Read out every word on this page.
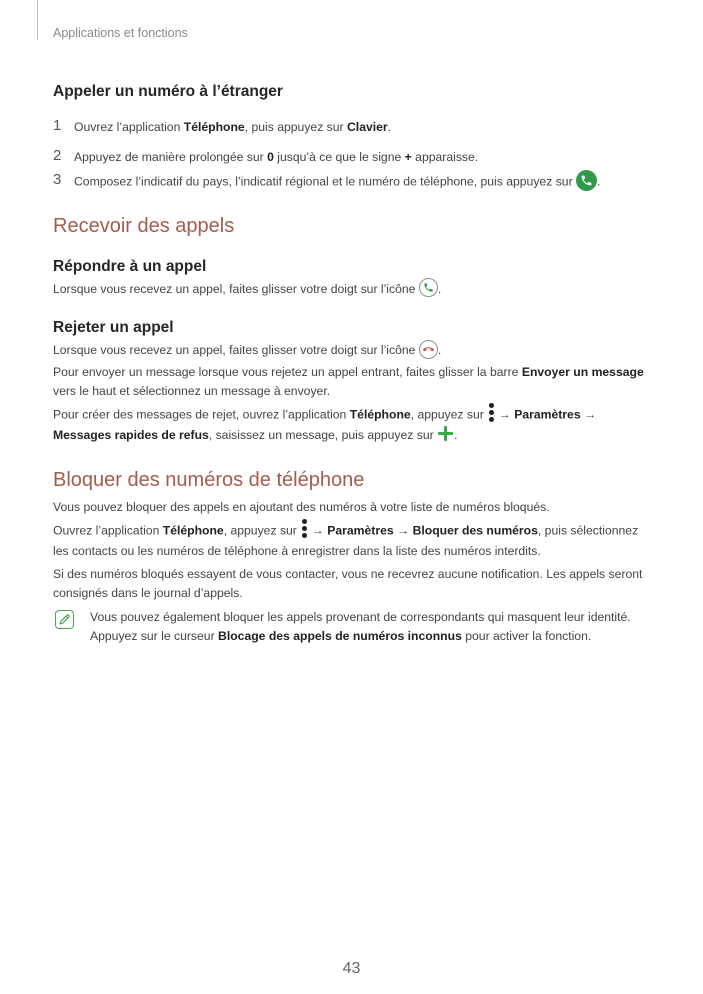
Applications et fonctions
Appeler un numéro à l’étranger
1 Ouvrez l’application Téléphone, puis appuyez sur Clavier.
2 Appuyez de manière prolongée sur 0 jusqu’à ce que le signe + apparaisse.
3 Composez l’indicatif du pays, l’indicatif régional et le numéro de téléphone, puis appuyez sur
.
Recevoir des appels
Répondre à un appel
Lorsque vous recevez un appel, faites glisser votre doigt sur l’icône
.
Rejeter un appel
Lorsque vous recevez un appel, faites glisser votre doigt sur l’icône
.
Pour envoyer un message lorsque vous rejetez un appel entrant, faites glisser la barre Envoyer un message vers le haut et sélectionnez un message à envoyer.
Pour créer des messages de rejet, ouvrez l’application Téléphone, appuyez sur
→ Paramètres → Messages rapides de refus, saisissez un message, puis appuyez sur
.
Bloquer des numéros de téléphone
Vous pouvez bloquer des appels en ajoutant des numéros à votre liste de numéros bloqués.
Ouvrez l’application Téléphone, appuyez sur
→ Paramètres → Bloquer des numéros, puis sélectionnez les contacts ou les numéros de téléphone à enregistrer dans la liste des numéros interdits.
Si des numéros bloqués essayent de vous contacter, vous ne recevrez aucune notification. Les appels seront consignés dans le journal d’appels.
Vous pouvez également bloquer les appels provenant de correspondants qui masquent leur identité. Appuyez sur le curseur Blocage des appels de numéros inconnus pour activer la fonction.
43
